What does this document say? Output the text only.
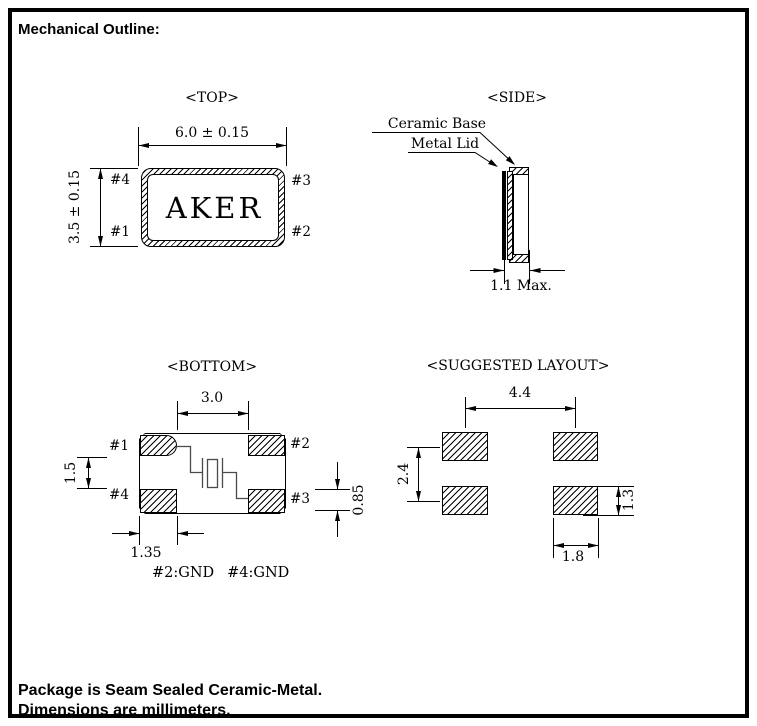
Mechanical Outline:
<TOP>
6.0 ± 0.15
3.5 ± 0.15 #4	#3
#1	#2
AKER
<SIDE>
Ceramic Base
Metal Lid
1.1 Max.
<BOTTOM>
3.0
1.5
0.85
1.35
#1	#2
#4	#3
#2:GND #4:GND
<SUGGESTED LAYOUT>
4.4
2.4
1.3
1.8
Package is Seam Sealed Ceramic-Metal.
Dimensions are millimeters.
